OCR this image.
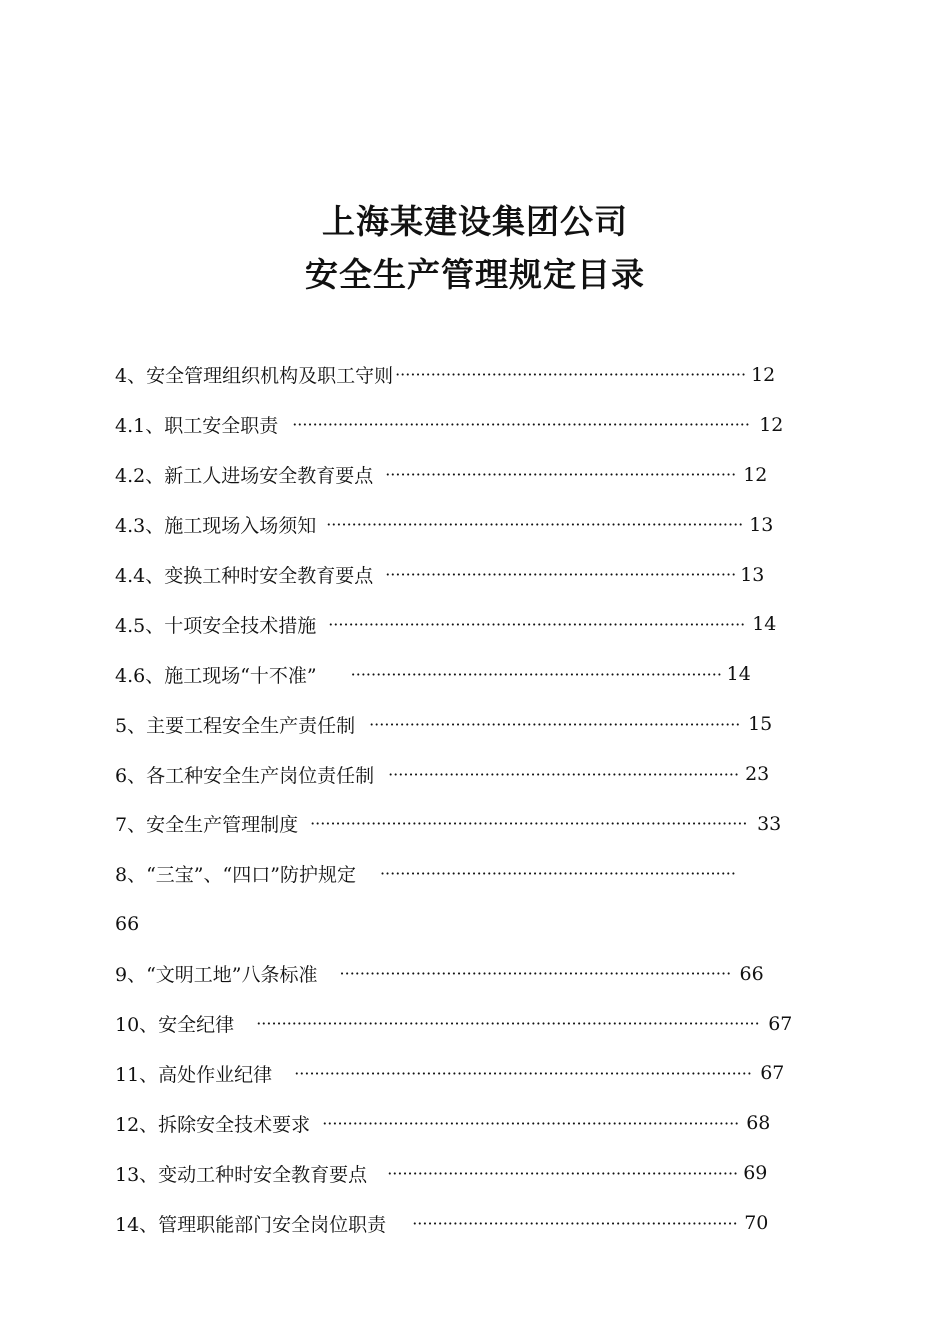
上海某建设集团公司
安全生产管理规定目录
4、安全管理组织机构及职工守则 ····································································· 12
4.1、职工安全职责 ·························································································· 12
4.2、新工人进场安全教育要点 ····································································· 12
4.3、施工现场入场须知 ·················································································· 13
4.4、变换工种时安全教育要点 ····································································· 13
4.5、十项安全技术措施 ·················································································· 14
4.6、施工现场“十不准” ········································································· 14
5、主要工程安全生产责任制 ········································································· 15
6、各工种安全生产岗位责任制 ····································································· 23
7、安全生产管理制度 ······················································································ 33
8、“三宝”、“四口”防护规定 ······································································
66
9、“文明工地”八条标准 ············································································· 66
10、安全纪律 ··································································································· 67
11、高处作业纪律 ·························································································· 67
12、拆除安全技术要求 ·················································································· 68
13、变动工种时安全教育要点 ····································································· 69
14、管理职能部门安全岗位职责 ································································ 70
